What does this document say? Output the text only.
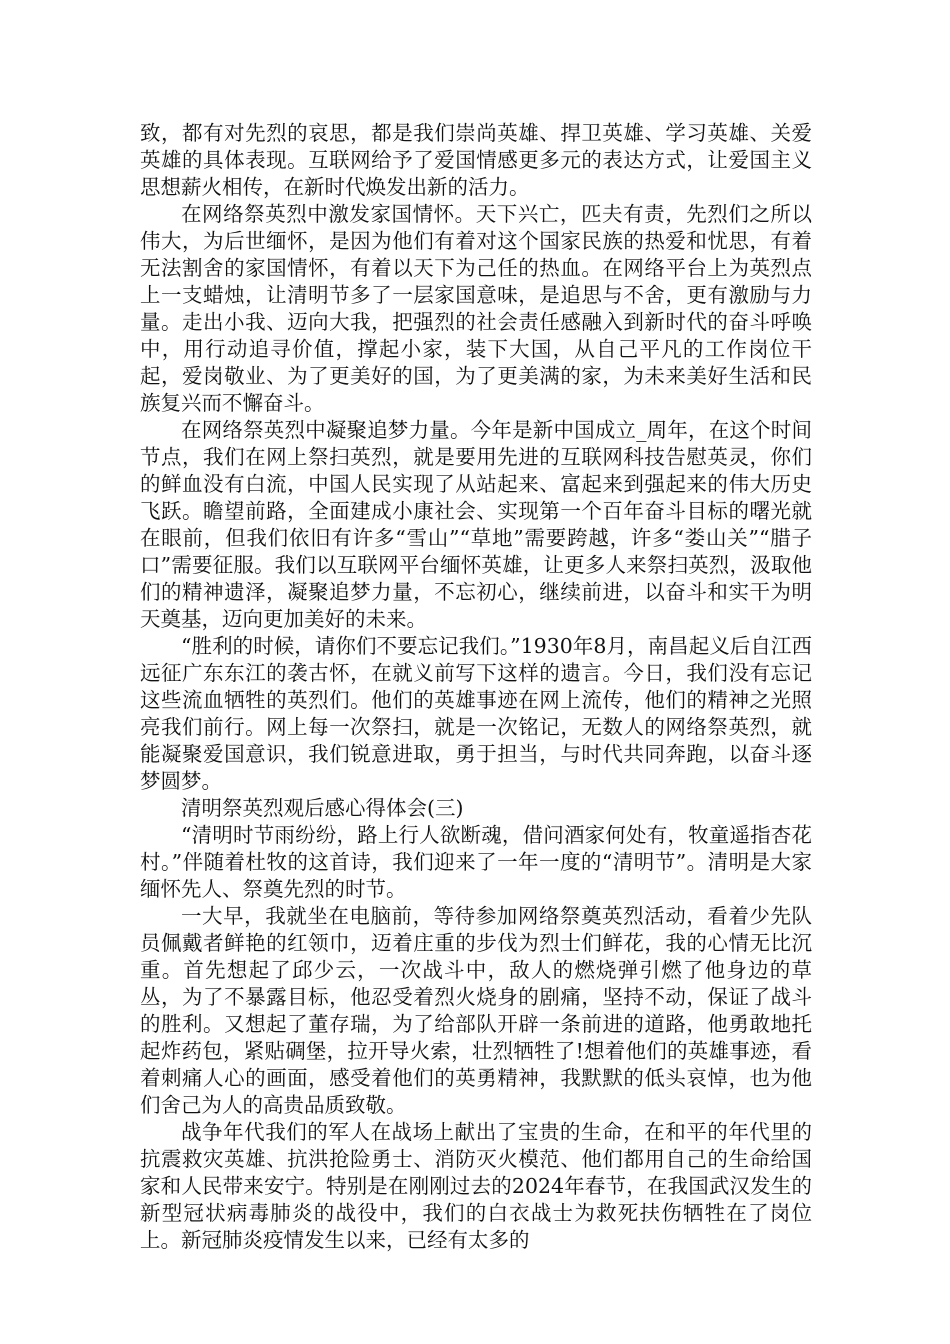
致，都有对先烈的哀思，都是我们崇尚英雄、捍卫英雄、学习英雄、关爱英雄的具体表现。互联网给予了爱国情感更多元的表达方式，让爱国主义思想薪火相传，在新时代焕发出新的活力。

在网络祭英烈中激发家国情怀。天下兴亡，匹夫有责，先烈们之所以伟大，为后世缅怀，是因为他们有着对这个国家民族的热爱和忧思，有着无法割舍的家国情怀，有着以天下为己任的热血。在网络平台上为英烈点上一支蜡烛，让清明节多了一层家国意味，是追思与不舍，更有激励与力量。走出小我、迈向大我，把强烈的社会责任感融入到新时代的奋斗呼唤中，用行动追寻价值，撑起小家，装下大国，从自己平凡的工作岗位干起，爱岗敬业、为了更美好的国，为了更美满的家，为未来美好生活和民族复兴而不懈奋斗。

在网络祭英烈中凝聚追梦力量。今年是新中国成立_周年，在这个时间节点，我们在网上祭扫英烈，就是要用先进的互联网科技告慰英灵，你们的鲜血没有白流，中国人民实现了从站起来、富起来到强起来的伟大历史飞跃。瞻望前路，全面建成小康社会、实现第一个百年奋斗目标的曙光就在眼前，但我们依旧有许多“雪山”“草地”需要跨越，许多“娄山关”“腊子口”需要征服。我们以互联网平台缅怀英雄，让更多人来祭扫英烈，汲取他们的精神遗泽，凝聚追梦力量，不忘初心，继续前进，以奋斗和实干为明天奠基，迈向更加美好的未来。

“胜利的时候，请你们不要忘记我们。”1930年8月，南昌起义后自江西远征广东东江的袭古怀，在就义前写下这样的遗言。今日，我们没有忘记这些流血牺牲的英烈们。他们的英雄事迹在网上流传，他们的精神之光照亮我们前行。网上每一次祭扫，就是一次铭记，无数人的网络祭英烈，就能凝聚爱国意识，我们锐意进取，勇于担当，与时代共同奔跑，以奋斗逐梦圆梦。

清明祭英烈观后感心得体会(三)

“清明时节雨纷纷，路上行人欲断魂，借问酒家何处有，牧童遥指杏花村。”伴随着杜牧的这首诗，我们迎来了一年一度的“清明节”。清明是大家缅怀先人、祭奠先烈的时节。

一大早，我就坐在电脑前，等待参加网络祭奠英烈活动，看着少先队员佩戴者鲜艳的红领巾，迈着庄重的步伐为烈士们鲜花，我的心情无比沉重。首先想起了邱少云，一次战斗中，敌人的燃烧弹引燃了他身边的草丛，为了不暴露目标，他忍受着烈火烧身的剧痛，坚持不动，保证了战斗的胜利。又想起了董存瑞，为了给部队开辟一条前进的道路，他勇敢地托起炸药包，紧贴碉堡，拉开导火索，壮烈牺牲了!想着他们的英雄事迹，看着刺痛人心的画面，感受着他们的英勇精神，我默默的低头哀悼，也为他们舍己为人的高贵品质致敬。

战争年代我们的军人在战场上献出了宝贵的生命，在和平的年代里的抗震救灾英雄、抗洪抢险勇士、消防灭火模范、他们都用自己的生命给国家和人民带来安宁。特别是在刚刚过去的2024年春节，在我国武汉发生的新型冠状病毒肺炎的战役中，我们的白衣战士为救死扶伤牺牲在了岗位上。新冠肺炎疫情发生以来，已经有太多的
